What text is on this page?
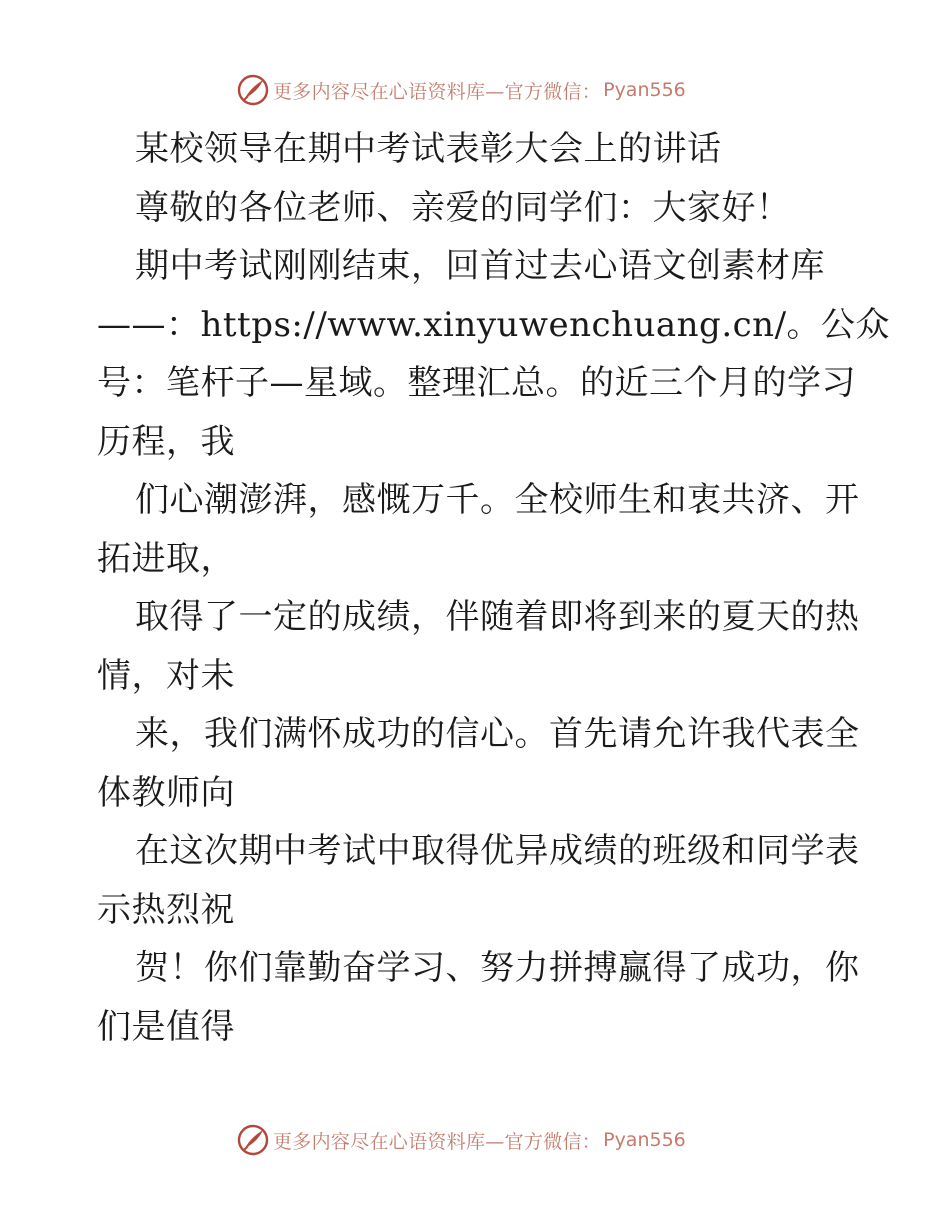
更多内容尽在心语资料库—官方微信： Pyan556
某校领导在期中考试表彰大会上的讲话
尊敬的各位老师、亲爱的同学们：大家好！
期中考试刚刚结束，回首过去心语文创素材库
——：https://www.xinyuwenchuang.cn/。公众
号：笔杆子—星域。整理汇总。的近三个月的学习
历程，我
们心潮澎湃，感慨万千。全校师生和衷共济、开
拓进取，
取得了一定的成绩，伴随着即将到来的夏天的热
情，对未
来，我们满怀成功的信心。首先请允许我代表全
体教师向
在这次期中考试中取得优异成绩的班级和同学表
示热烈祝
贺！你们靠勤奋学习、努力拼搏赢得了成功，你
们是值得
更多内容尽在心语资料库—官方微信： Pyan556
